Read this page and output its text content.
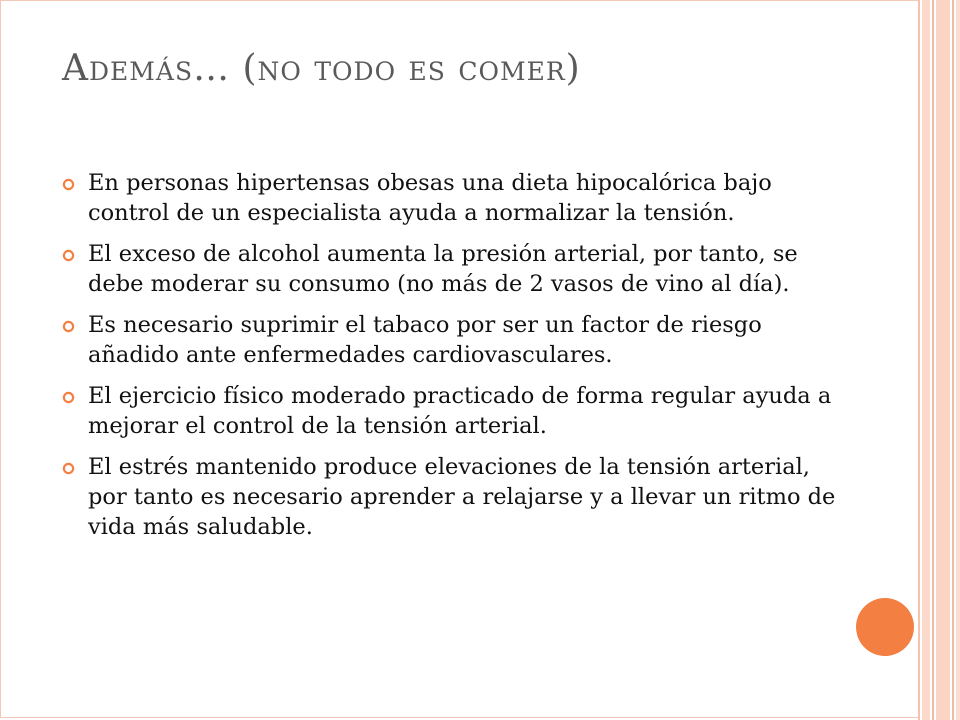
Además… (no todo es comer)
En personas hipertensas obesas una dieta hipocalórica bajo control de un especialista ayuda a normalizar la tensión.
El exceso de alcohol aumenta la presión arterial, por tanto, se debe moderar su consumo (no más de 2 vasos de vino al día).
Es necesario suprimir el tabaco por ser un factor de riesgo añadido ante enfermedades cardiovasculares.
El ejercicio físico moderado practicado de forma regular ayuda a mejorar el control de la tensión arterial.
El estrés mantenido produce elevaciones de la tensión arterial, por tanto es necesario aprender a relajarse y a llevar un ritmo de vida más saludable.
